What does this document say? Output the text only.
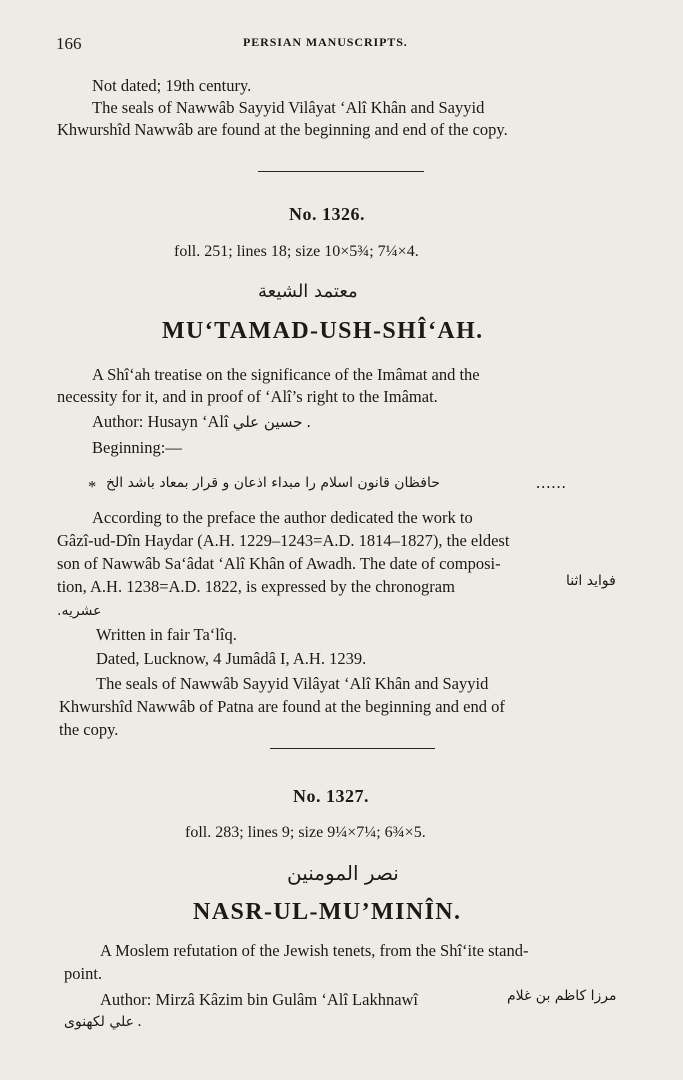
166	PERSIAN MANUSCRIPTS.
Not dated; 19th century.
The seals of Nawwâb Sayyid Vilâyat ‘Alî Khân and Sayyid
Khwurshîd Nawwâb are found at the beginning and end of the copy.
No. 1326.
foll. 251; lines 18; size 10×5¾; 7¼×4.
معتمد الشيعة
MU‘TAMAD-USH-SHÎ‘AH.
A Shî‘ah treatise on the significance of the Imâmat and the
necessity for it, and in proof of ‘Alî’s right to the Imâmat.
Author: Husayn ‘Alî حسين علي .
Beginning:—
* حافظان قانون اسلام را مبداء اذعان و قرار بمعاد باشد الخ	......
According to the preface the author dedicated the work to
Gâzî-ud-Dîn Haydar (A.H. 1229–1243=A.D. 1814–1827), the eldest
son of Nawwâb Sa‘âdat ‘Alî Khân of Awadh. The date of composi-
tion, A.H. 1238=A.D. 1822, is expressed by the chronogram	فوايد اثنا
عشريه.
Written in fair Ta‘lîq.
Dated, Lucknow, 4 Jumâdâ I, A.H. 1239.
The seals of Nawwâb Sayyid Vilâyat ‘Alî Khân and Sayyid
Khwurshîd Nawwâb of Patna are found at the beginning and end of
the copy.
No. 1327.
foll. 283; lines 9; size 9¼×7¼; 6¾×5.
نصر المومنين
NASR-UL-MU’MINÎN.
A Moslem refutation of the Jewish tenets, from the Shî‘ite stand-
point.
Author: Mirzâ Kâzim bin Gulâm ‘Alî Lakhnawî	مرزا كاظم بن غلام
علي لكهنوى .
